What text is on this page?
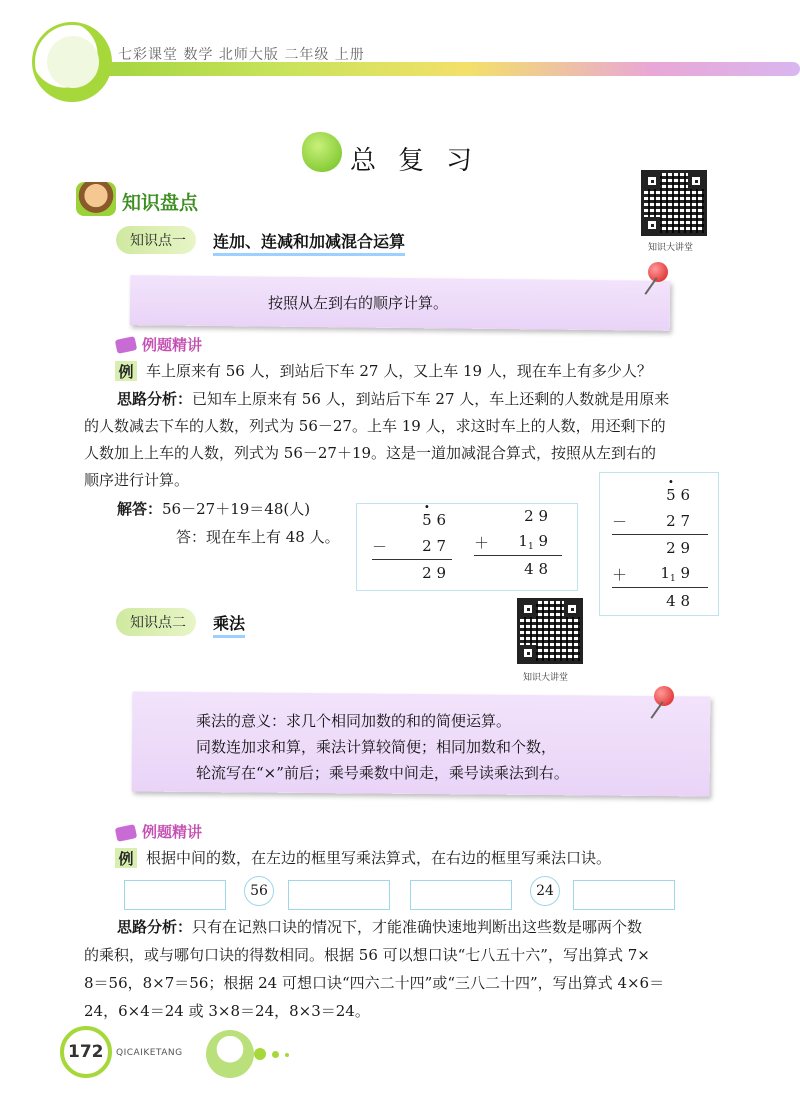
七彩课堂 数学 北师大版 二年级 上册
总复习
知识大讲堂
知识盘点
知识点一 连加、连减和加减混合运算
按照从左到右的顺序计算。
例题精讲
例 车上原来有 56 人，到站后下车 27 人，又上车 19 人，现在车上有多少人？
思路分析：已知车上原来有 56 人，到站后下车 27 人，车上还剩的人数就是用原来
的人数减去下车的人数，列式为 56－27。上车 19 人，求这时车上的人数，用还剩下的
人数加上上车的人数，列式为 56－27＋19。这是一道加减混合算式，按照从左到右的
顺序进行计算。
解答：56－27＋19＝48(人)
答：现在车上有 48 人。
· 5 6
－ 2 7
2 9
2 9
＋ $1_1$ 9
4 8
· 5 6
－	2 7
2 9
＋ $1_1$ 9
4 8
知识点二 乘法
知识大讲堂
乘法的意义：求几个相同加数的和的简便运算。
同数连加求和算，乘法计算较简便；相同加数和个数，
轮流写在“×”前后；乘号乘数中间走，乘号读乘法到右。
例题精讲
例 根据中间的数，在左边的框里写乘法算式，在右边的框里写乘法口诀。
56	24
思路分析：只有在记熟口诀的情况下，才能准确快速地判断出这些数是哪两个数
的乘积，或与哪句口诀的得数相同。根据 56 可以想口诀“七八五十六”，写出算式 7×
8＝56，8×7＝56；根据 24 可想口诀“四六二十四”或“三八二十四”，写出算式 4×6＝
24，6×4＝24 或 3×8＝24，8×3＝24。
172 QICAIKETANG
